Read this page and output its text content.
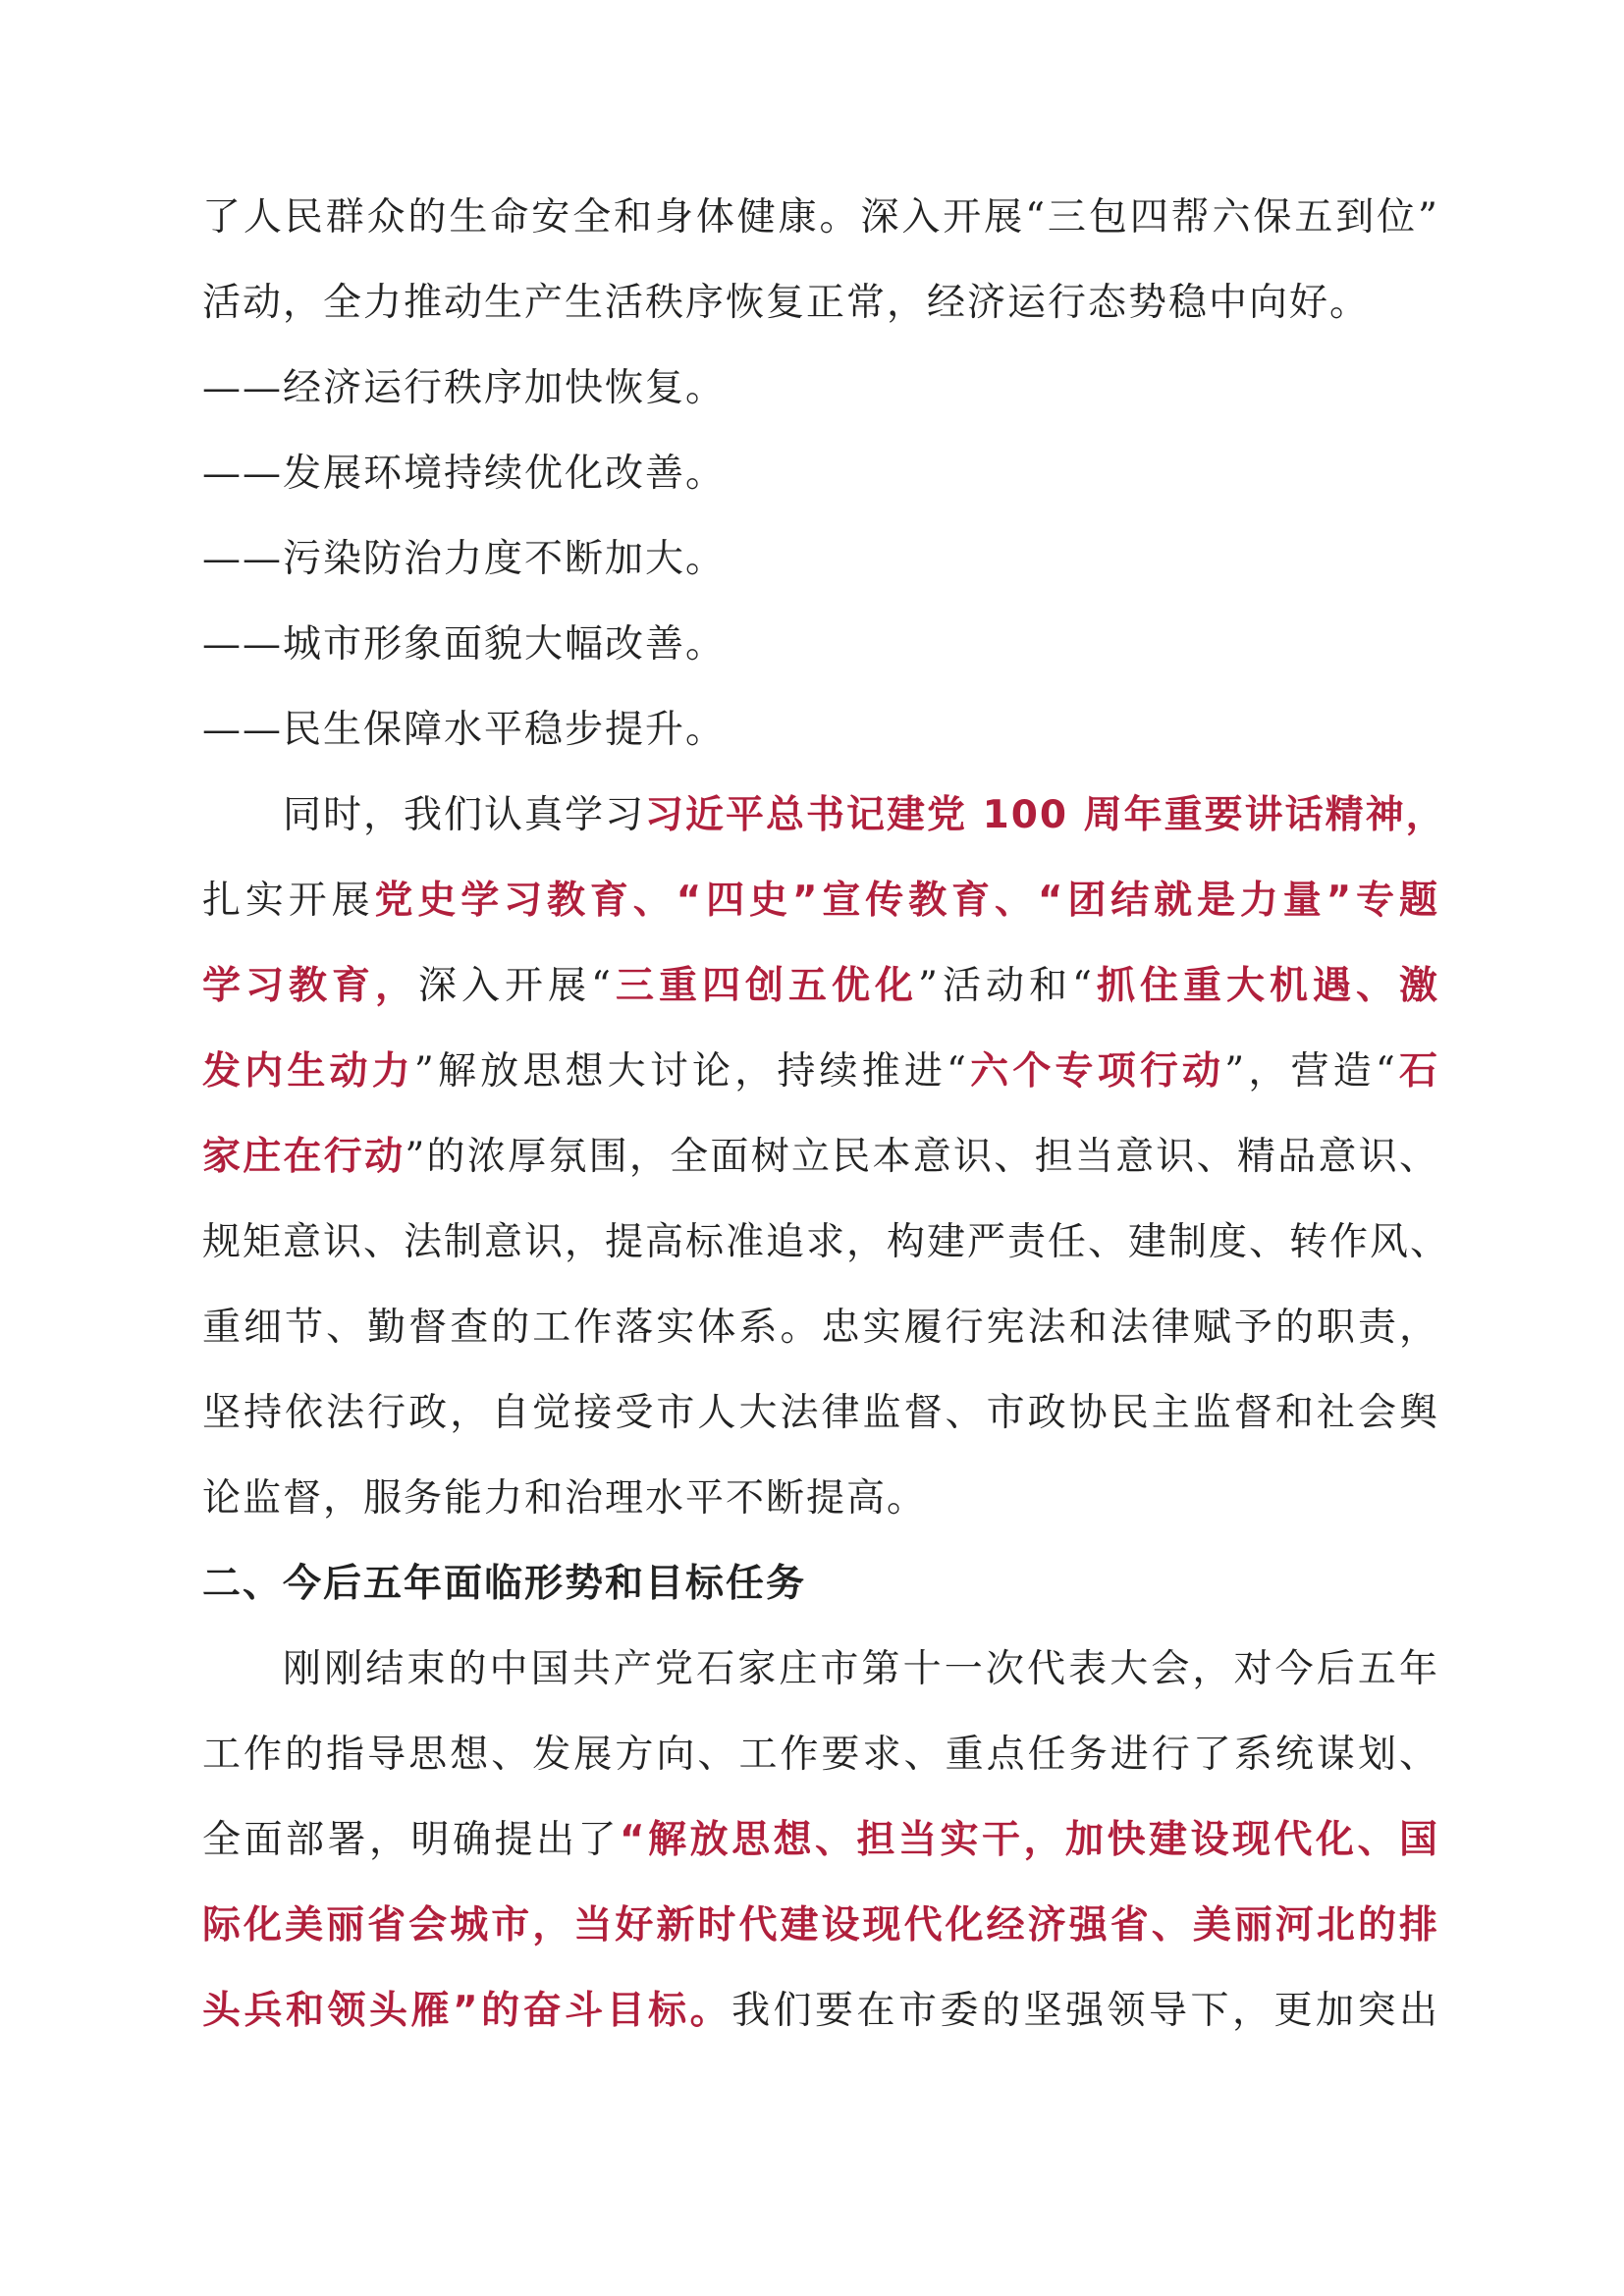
了人民群众的生命安全和身体健康。深入开展“三包四帮六保五到位”
活动，全力推动生产生活秩序恢复正常，经济运行态势稳中向好。
——经济运行秩序加快恢复。
——发展环境持续优化改善。
——污染防治力度不断加大。
——城市形象面貌大幅改善。
——民生保障水平稳步提升。
同时，我们认真学习习近平总书记建党 100 周年重要讲话精神，
扎实开展党史学习教育、“四史”宣传教育、“团结就是力量”专题
学习教育，深入开展“三重四创五优化”活动和“抓住重大机遇、激
发内生动力”解放思想大讨论，持续推进“六个专项行动”，营造“石
家庄在行动”的浓厚氛围，全面树立民本意识、担当意识、精品意识、
规矩意识、法制意识，提高标准追求，构建严责任、建制度、转作风、
重细节、勤督查的工作落实体系。忠实履行宪法和法律赋予的职责，
坚持依法行政，自觉接受市人大法律监督、市政协民主监督和社会舆
论监督，服务能力和治理水平不断提高。
二、今后五年面临形势和目标任务
刚刚结束的中国共产党石家庄市第十一次代表大会，对今后五年
工作的指导思想、发展方向、工作要求、重点任务进行了系统谋划、
全面部署，明确提出了“解放思想、担当实干，加快建设现代化、国
际化美丽省会城市，当好新时代建设现代化经济强省、美丽河北的排
头兵和领头雁”的奋斗目标。我们要在市委的坚强领导下，更加突出
